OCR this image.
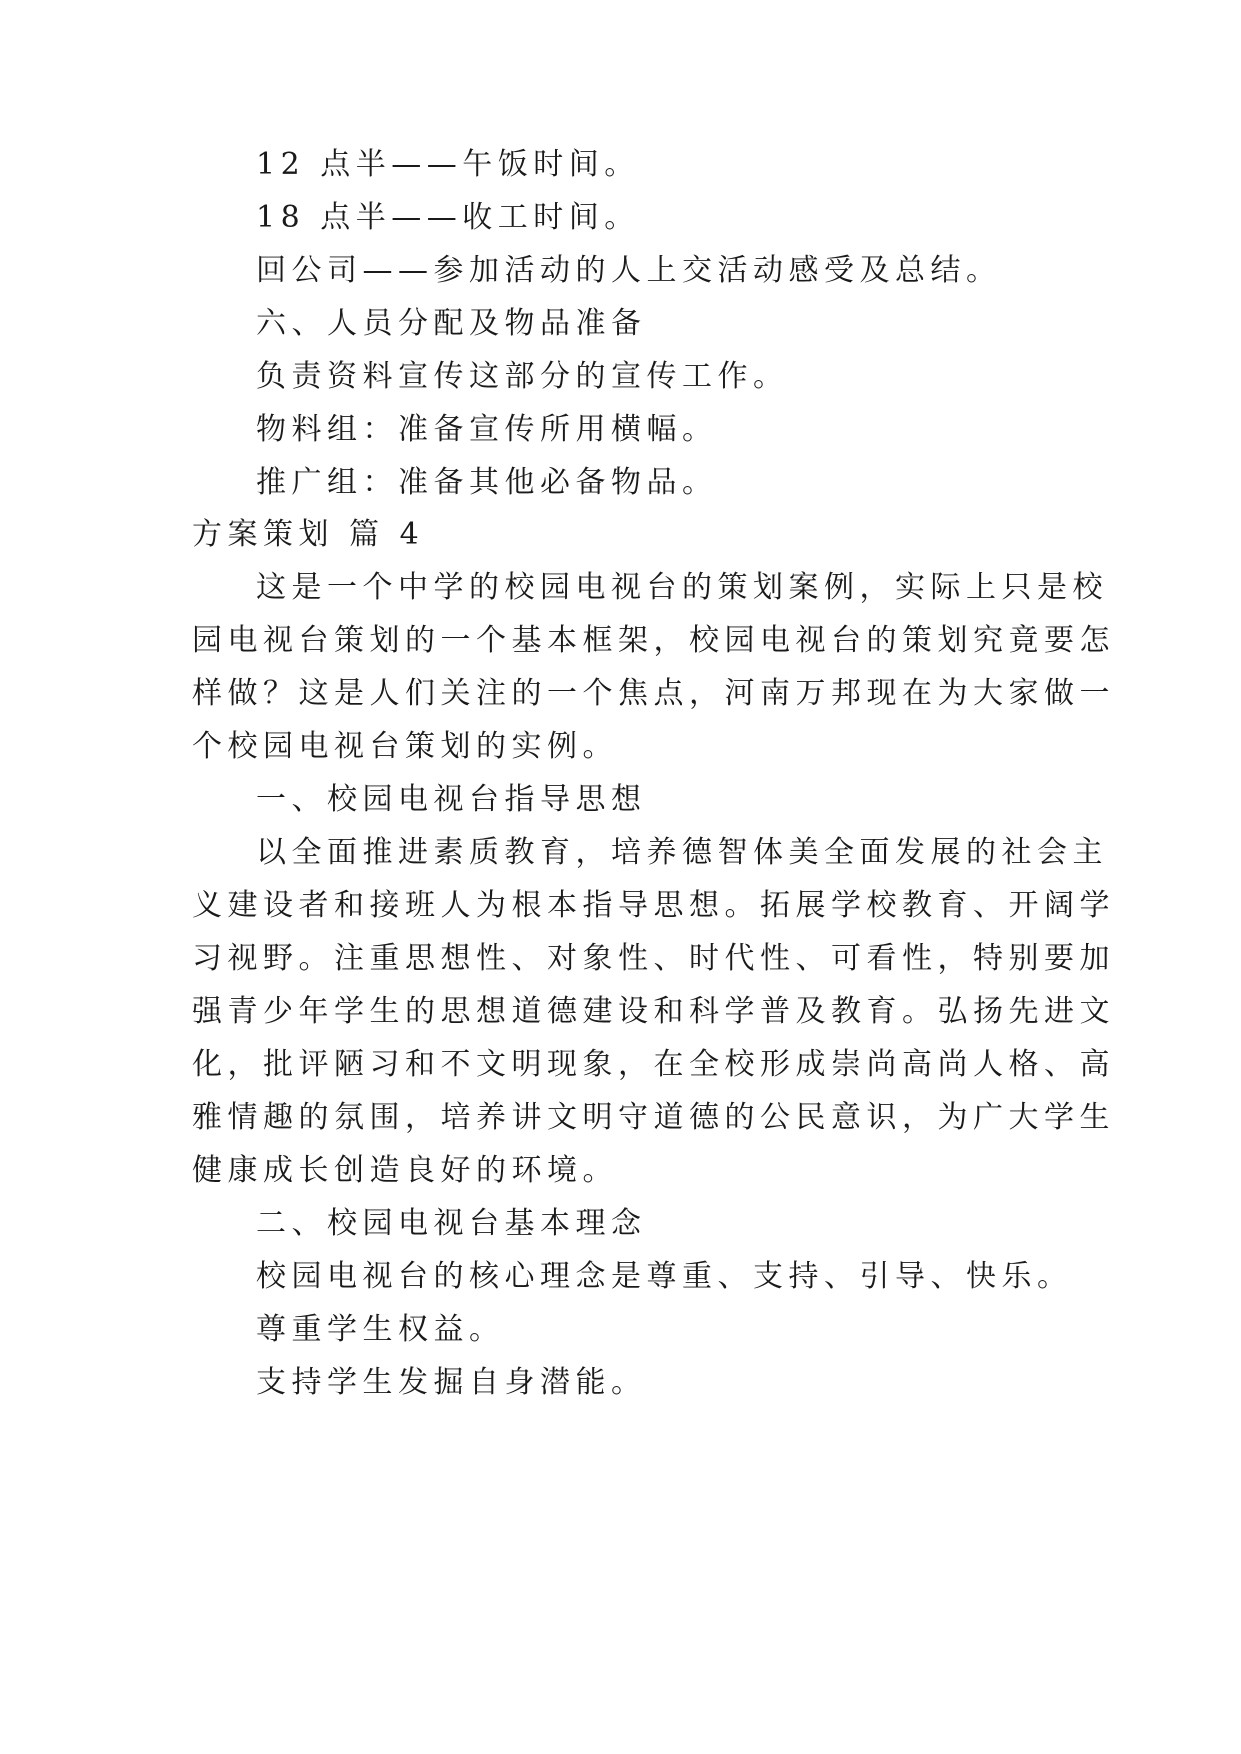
12 点半——午饭时间。
18 点半——收工时间。
回公司——参加活动的人上交活动感受及总结。
六、人员分配及物品准备
负责资料宣传这部分的宣传工作。
物料组：准备宣传所用横幅。
推广组：准备其他必备物品。
方案策划 篇 4
这是一个中学的校园电视台的策划案例，实际上只是校
园电视台策划的一个基本框架，校园电视台的策划究竟要怎
样做？这是人们关注的一个焦点，河南万邦现在为大家做一
个校园电视台策划的实例。
一、校园电视台指导思想
以全面推进素质教育，培养德智体美全面发展的社会主
义建设者和接班人为根本指导思想。拓展学校教育、开阔学
习视野。注重思想性、对象性、时代性、可看性，特别要加
强青少年学生的思想道德建设和科学普及教育。弘扬先进文
化，批评陋习和不文明现象，在全校形成崇尚高尚人格、高
雅情趣的氛围，培养讲文明守道德的公民意识，为广大学生
健康成长创造良好的环境。
二、校园电视台基本理念
校园电视台的核心理念是尊重、支持、引导、快乐。
尊重学生权益。
支持学生发掘自身潜能。
